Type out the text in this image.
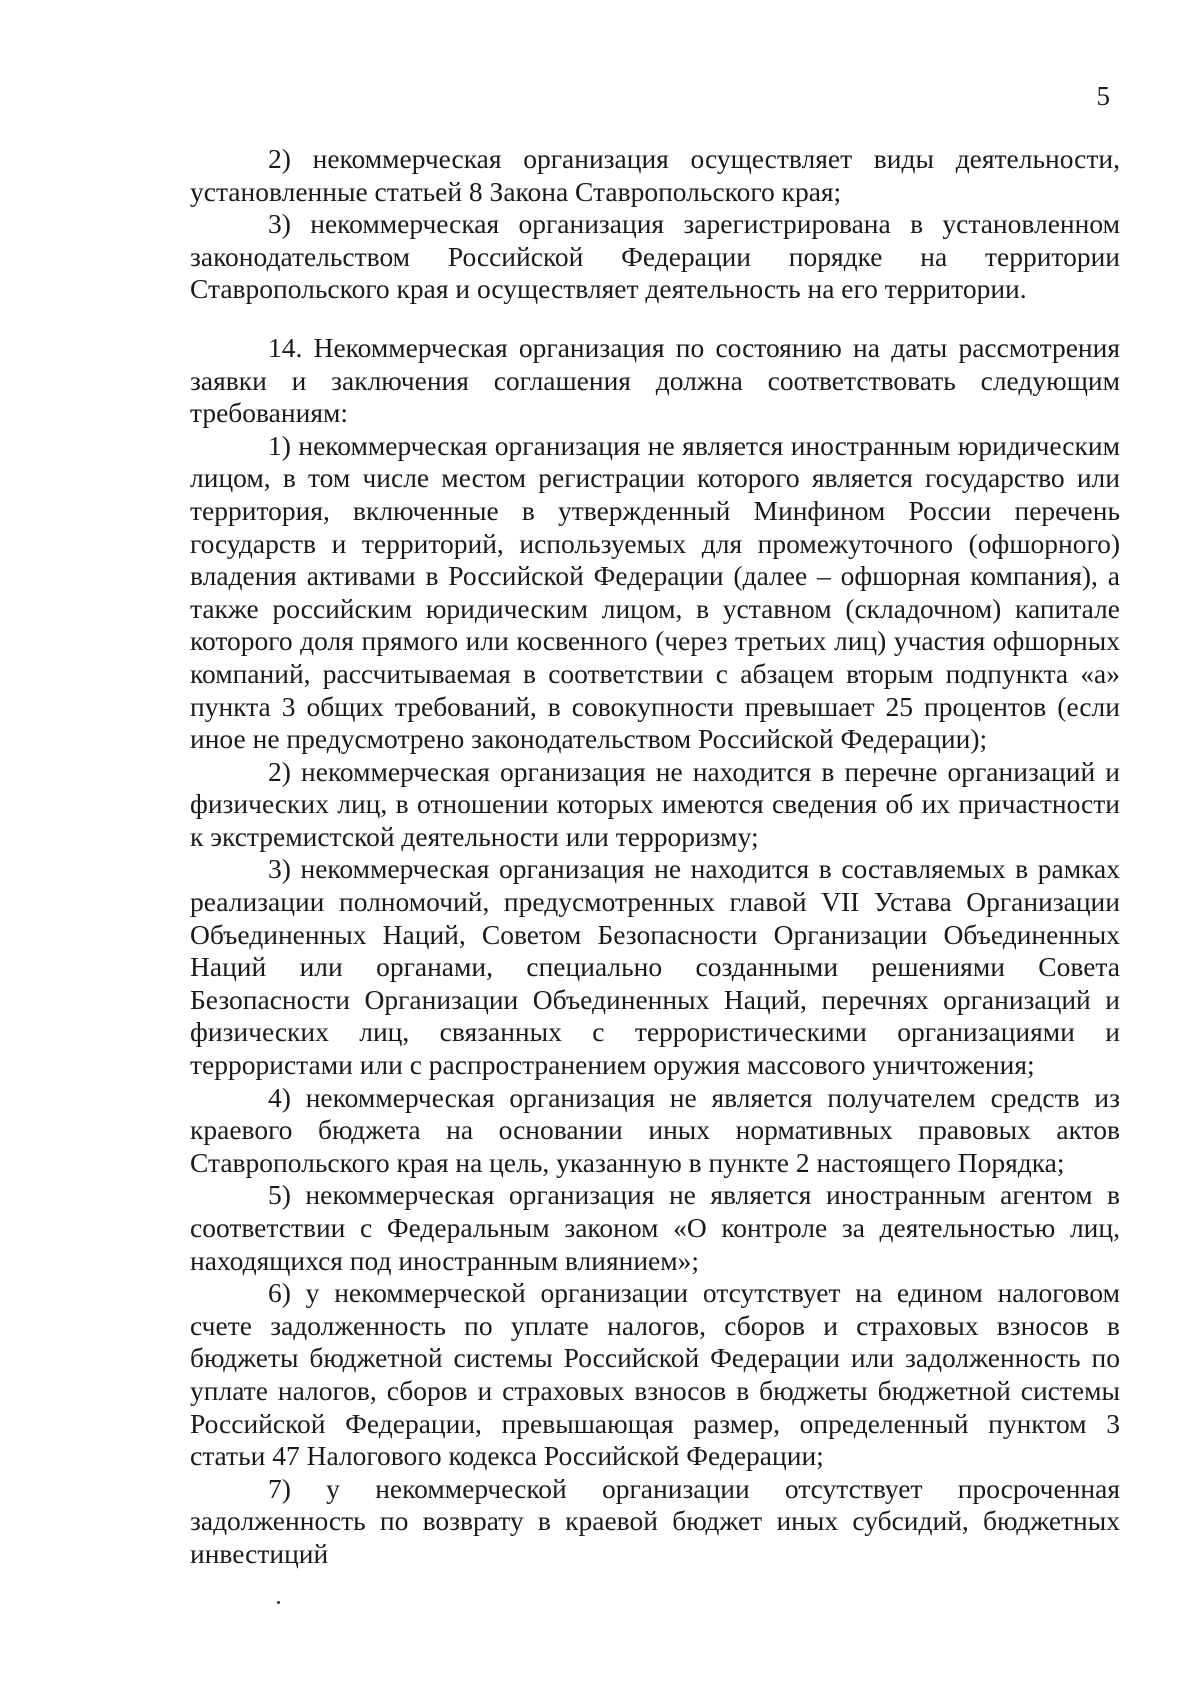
5

2) некоммерческая организация осуществляет виды деятельности, установленные статьей 8 Закона Ставропольского края;

3) некоммерческая организация зарегистрирована в установленном законодательством Российской Федерации порядке на территории Ставропольского края и осуществляет деятельность на его территории.

14. Некоммерческая организация по состоянию на даты рассмотрения заявки и заключения соглашения должна соответствовать следующим требованиям:

1) некоммерческая организация не является иностранным юридическим лицом, в том числе местом регистрации которого является государство или территория, включенные в утвержденный Минфином России перечень государств и территорий, используемых для промежуточного (офшорного) владения активами в Российской Федерации (далее – офшорная компания), а также российским юридическим лицом, в уставном (складочном) капитале которого доля прямого или косвенного (через третьих лиц) участия офшорных компаний, рассчитываемая в соответствии с абзацем вторым подпункта «а» пункта 3 общих требований, в совокупности превышает 25 процентов (если иное не предусмотрено законодательством Российской Федерации);

2) некоммерческая организация не находится в перечне организаций и физических лиц, в отношении которых имеются сведения об их причастности к экстремистской деятельности или терроризму;

3) некоммерческая организация не находится в составляемых в рамках реализации полномочий, предусмотренных главой VII Устава Организации Объединенных Наций, Советом Безопасности Организации Объединенных Наций или органами, специально созданными решениями Совета Безопасности Организации Объединенных Наций, перечнях организаций и физических лиц, связанных с террористическими организациями и террористами или с распространением оружия массового уничтожения;

4) некоммерческая организация не является получателем средств из краевого бюджета на основании иных нормативных правовых актов Ставропольского края на цель, указанную в пункте 2 настоящего Порядка;

5) некоммерческая организация не является иностранным агентом в соответствии с Федеральным законом «О контроле за деятельностью лиц, находящихся под иностранным влиянием»;

6) у некоммерческой организации отсутствует на едином налоговом счете задолженность по уплате налогов, сборов и страховых взносов в бюджеты бюджетной системы Российской Федерации или задолженность по уплате налогов, сборов и страховых взносов в бюджеты бюджетной системы Российской Федерации, превышающая размер, определенный пунктом 3 статьи 47 Налогового кодекса Российской Федерации;

7) у некоммерческой организации отсутствует просроченная задолженность по возврату в краевой бюджет иных субсидий, бюджетных инвестиций
